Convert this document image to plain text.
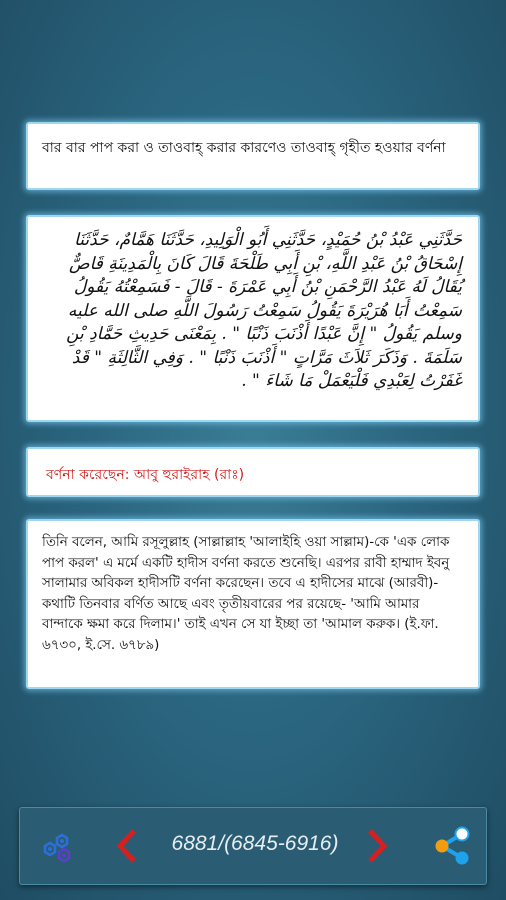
বার বার পাপ করা ও তাওবাহ্ করার কারণেও তাওবাহ্ গৃহীত হওয়ার বর্ণনা
حَدَّثَنِي عَبْدُ بْنُ حُمَيْدٍ، حَدَّثَنِي أَبُو الْوَلِيدِ، حَدَّثَنَا هَمَّامٌ، حَدَّثَنَا إِسْحَاقُ بْنُ عَبْدِ اللَّهِ، بْنِ أَبِي طَلْحَةَ قَالَ كَانَ بِالْمَدِينَةِ قَاصٌّ يُقَالُ لَهُ عَبْدُ الرَّحْمَنِ بْنُ أَبِي عَمْرَةَ - قَالَ - فَسَمِعْتُهُ يَقُولُ سَمِعْتُ أَبَا هُرَيْرَةَ يَقُولُ سَمِعْتُ رَسُولَ اللَّهِ صلى الله عليه وسلم يَقُولُ " إِنَّ عَبْدًا أَذْنَبَ ذَنْبًا " . بِمَعْنَى حَدِيثِ حَمَّادِ بْنِ سَلَمَةَ . وَذَكَرَ ثَلاَثَ مَرَّاتٍ " أَذْنَبَ ذَنْبًا " . وَفِي الثَّالِثَةِ " قَدْ غَفَرْتُ لِعَبْدِي فَلْيَعْمَلْ مَا شَاءَ " .
বর্ণনা করেছেন: আবু হুরাইরাহ (রাঃ)
তিনি বলেন, আমি রসূলুল্লাহ (সাল্লাল্লাহ 'আলাইহি ওয়া সাল্লাম)-কে 'এক লোক পাপ করল' এ মর্মে একটি হাদীস বর্ণনা করতে শুনেছি। এরপর রাবী হাম্মাদ ইবনু সালামার অবিকল হাদীসটি বর্ণনা করেছেন। তবে এ হাদীসের মাঝে (আরবী)-কথাটি তিনবার বর্ণিত আছে এবং তৃতীয়বারের পর রয়েছে- 'আমি আমার বান্দাকে ক্ষমা করে দিলাম।' তাই এখন সে যা ইচ্ছা তা 'আমাল করুক। (ই.ফা. ৬৭৩০, ই.সে. ৬৭৮৯)
6881/(6845-6916)
